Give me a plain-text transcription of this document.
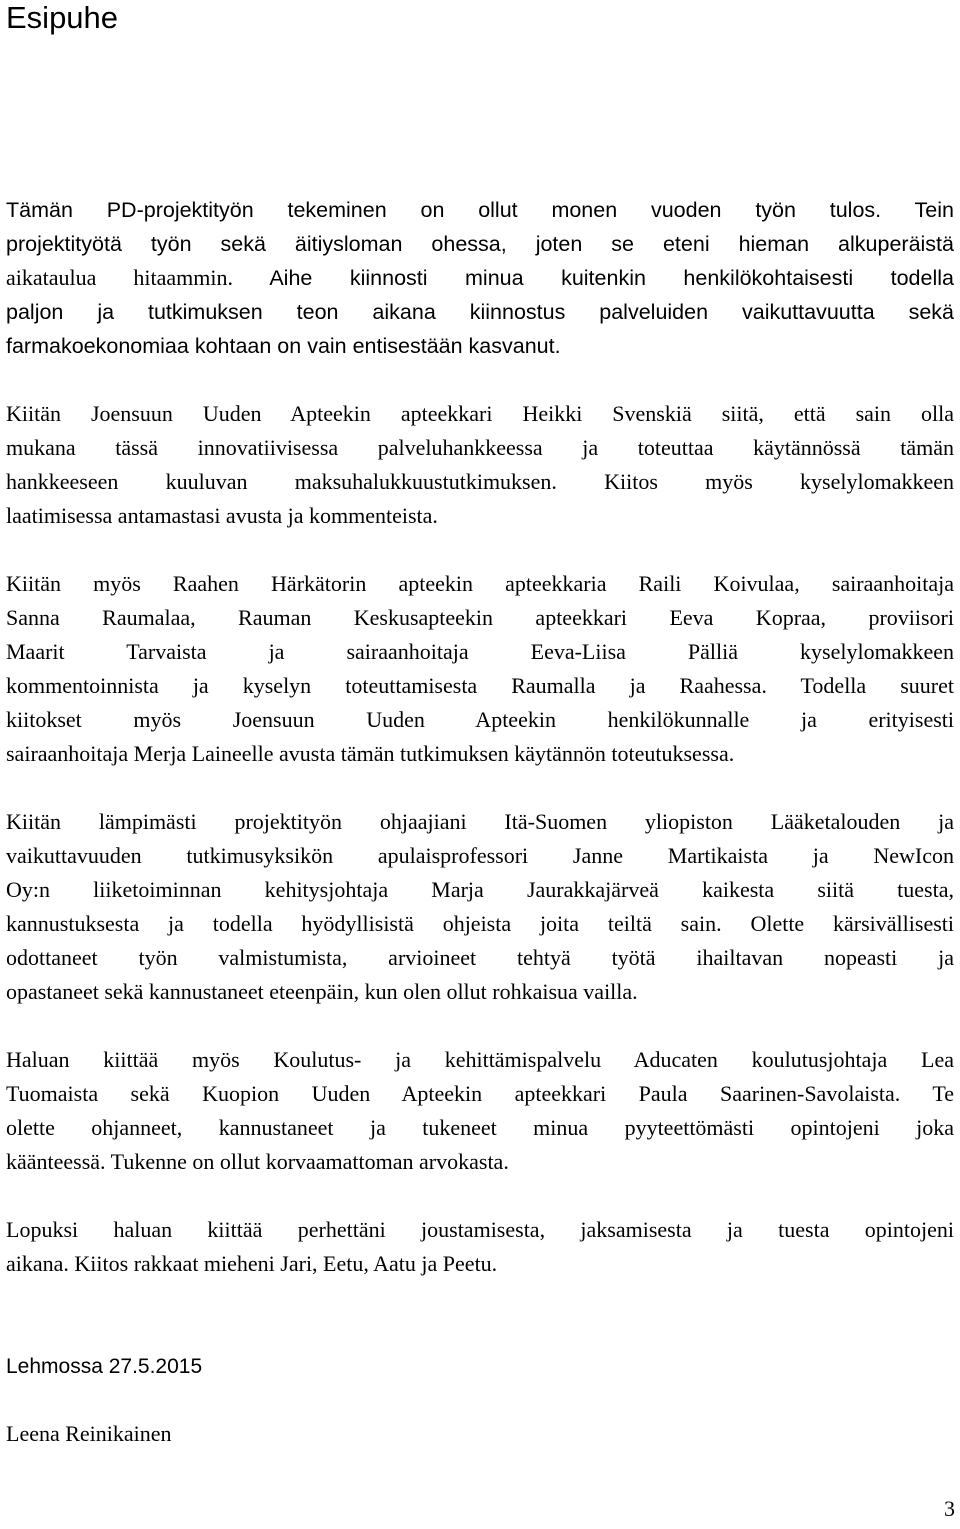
Esipuhe
Tämän PD-projektityön tekeminen on ollut monen vuoden työn tulos. Tein
projektityötä työn sekä äitiysloman ohessa, joten se eteni hieman alkuperäistä
aikataulua hitaammin. Aihe kiinnosti minua kuitenkin henkilökohtaisesti todella
paljon ja tutkimuksen teon aikana kiinnostus palveluiden vaikuttavuutta sekä
farmakoekonomiaa kohtaan on vain entisestään kasvanut.
Kiitän Joensuun Uuden Apteekin apteekkari Heikki Svenskiä siitä, että sain olla
mukana tässä innovatiivisessa palveluhankkeessa ja toteuttaa käytännössä tämän
hankkeeseen kuuluvan maksuhalukkuustutkimuksen. Kiitos myös kyselylomakkeen
laatimisessa antamastasi avusta ja kommenteista.
Kiitän myös Raahen Härkätorin apteekin apteekkaria Raili Koivulaa, sairaanhoitaja
Sanna Raumalaa, Rauman Keskusapteekin apteekkari Eeva Kopraa, proviisori
Maarit Tarvaista ja sairaanhoitaja Eeva-Liisa Pälliä kyselylomakkeen
kommentoinnista ja kyselyn toteuttamisesta Raumalla ja Raahessa. Todella suuret
kiitokset myös Joensuun Uuden Apteekin henkilökunnalle ja erityisesti
sairaanhoitaja Merja Laineelle avusta tämän tutkimuksen käytännön toteutuksessa.
Kiitän lämpimästi projektityön ohjaajiani Itä-Suomen yliopiston Lääketalouden ja
vaikuttavuuden tutkimusyksikön apulaisprofessori Janne Martikaista ja NewIcon
Oy:n liiketoiminnan kehitysjohtaja Marja Jaurakkajärveä kaikesta siitä tuesta,
kannustuksesta ja todella hyödyllisistä ohjeista joita teiltä sain. Olette kärsivällisesti
odottaneet työn valmistumista, arvioineet tehtyä työtä ihailtavan nopeasti ja
opastaneet sekä kannustaneet eteenpäin, kun olen ollut rohkaisua vailla.
Haluan kiittää myös Koulutus- ja kehittämispalvelu Aducaten koulutusjohtaja Lea
Tuomaista sekä Kuopion Uuden Apteekin apteekkari Paula Saarinen-Savolaista. Te
olette ohjanneet, kannustaneet ja tukeneet minua pyyteettömästi opintojeni joka
käänteessä. Tukenne on ollut korvaamattoman arvokasta.
Lopuksi haluan kiittää perhettäni joustamisesta, jaksamisesta ja tuesta opintojeni
aikana. Kiitos rakkaat mieheni Jari, Eetu, Aatu ja Peetu.

Lehmossa 27.5.2015

Leena Reinikainen

3
